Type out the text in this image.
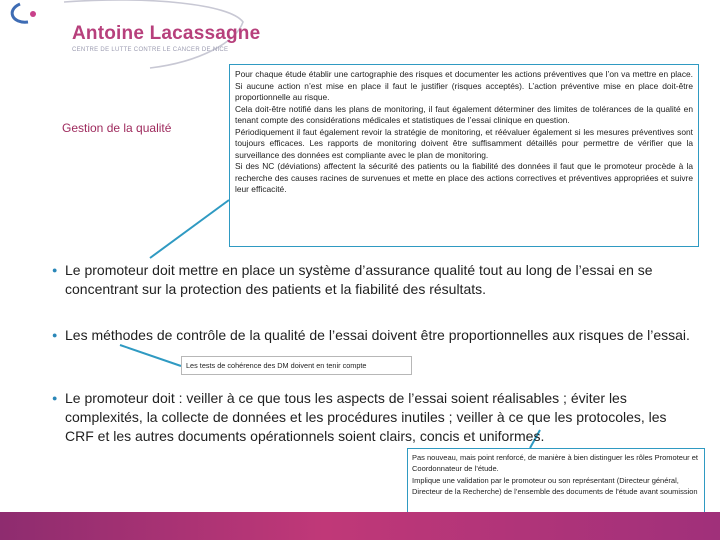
Antoine Lacassagne
CENTRE DE LUTTE CONTRE LE CANCER DE NICE
Gestion de la qualité

Pour chaque étude établir une cartographie des risques et documenter les actions préventives que l’on va mettre en place. Si aucune action n’est mise en place il faut le justifier (risques acceptés). L’action préventive mise en place doit-être proportionnelle au risque.

Cela doit-être notifié dans les plans de monitoring, il faut également déterminer des limites de tolérances de la qualité en tenant compte des considérations médicales et statistiques de l’essai clinique en question.

Périodiquement il faut également revoir la stratégie de monitoring, et réévaluer également si les mesures préventives sont toujours efficaces. Les rapports de monitoring doivent être suffisamment détaillés pour permettre de vérifier que la surveillance des données est compliante avec le plan de monitoring.

Si des NC (déviations) affectent la sécurité des patients ou la fiabilité des données il faut que le promoteur procède à la recherche des causes racines de survenues et mette en place des actions correctives et préventives appropriées et suivre leur efficacité.

● Le promoteur doit mettre en place un système d’assurance qualité tout au long de l’essai en se concentrant sur la protection des patients et la fiabilité des résultats.
● Les méthodes de contrôle de la qualité de l’essai doivent être proportionnelles aux risques de l’essai.
Les tests de cohérence des DM doivent en tenir compte
● Le promoteur doit : veiller à ce que tous les aspects de l’essai soient réalisables ; éviter les complexités, la collecte de données et les procédures inutiles ; veiller à ce que les protocoles, les CRF et les autres documents opérationnels soient clairs, concis et uniformes.

Pas nouveau, mais point renforcé, de manière à bien distinguer les rôles Promoteur et Coordonnateur de l’étude.

Implique une validation par le promoteur ou son représentant (Directeur général, Directeur de la Recherche) de l’ensemble des documents de l’étude avant soumission
